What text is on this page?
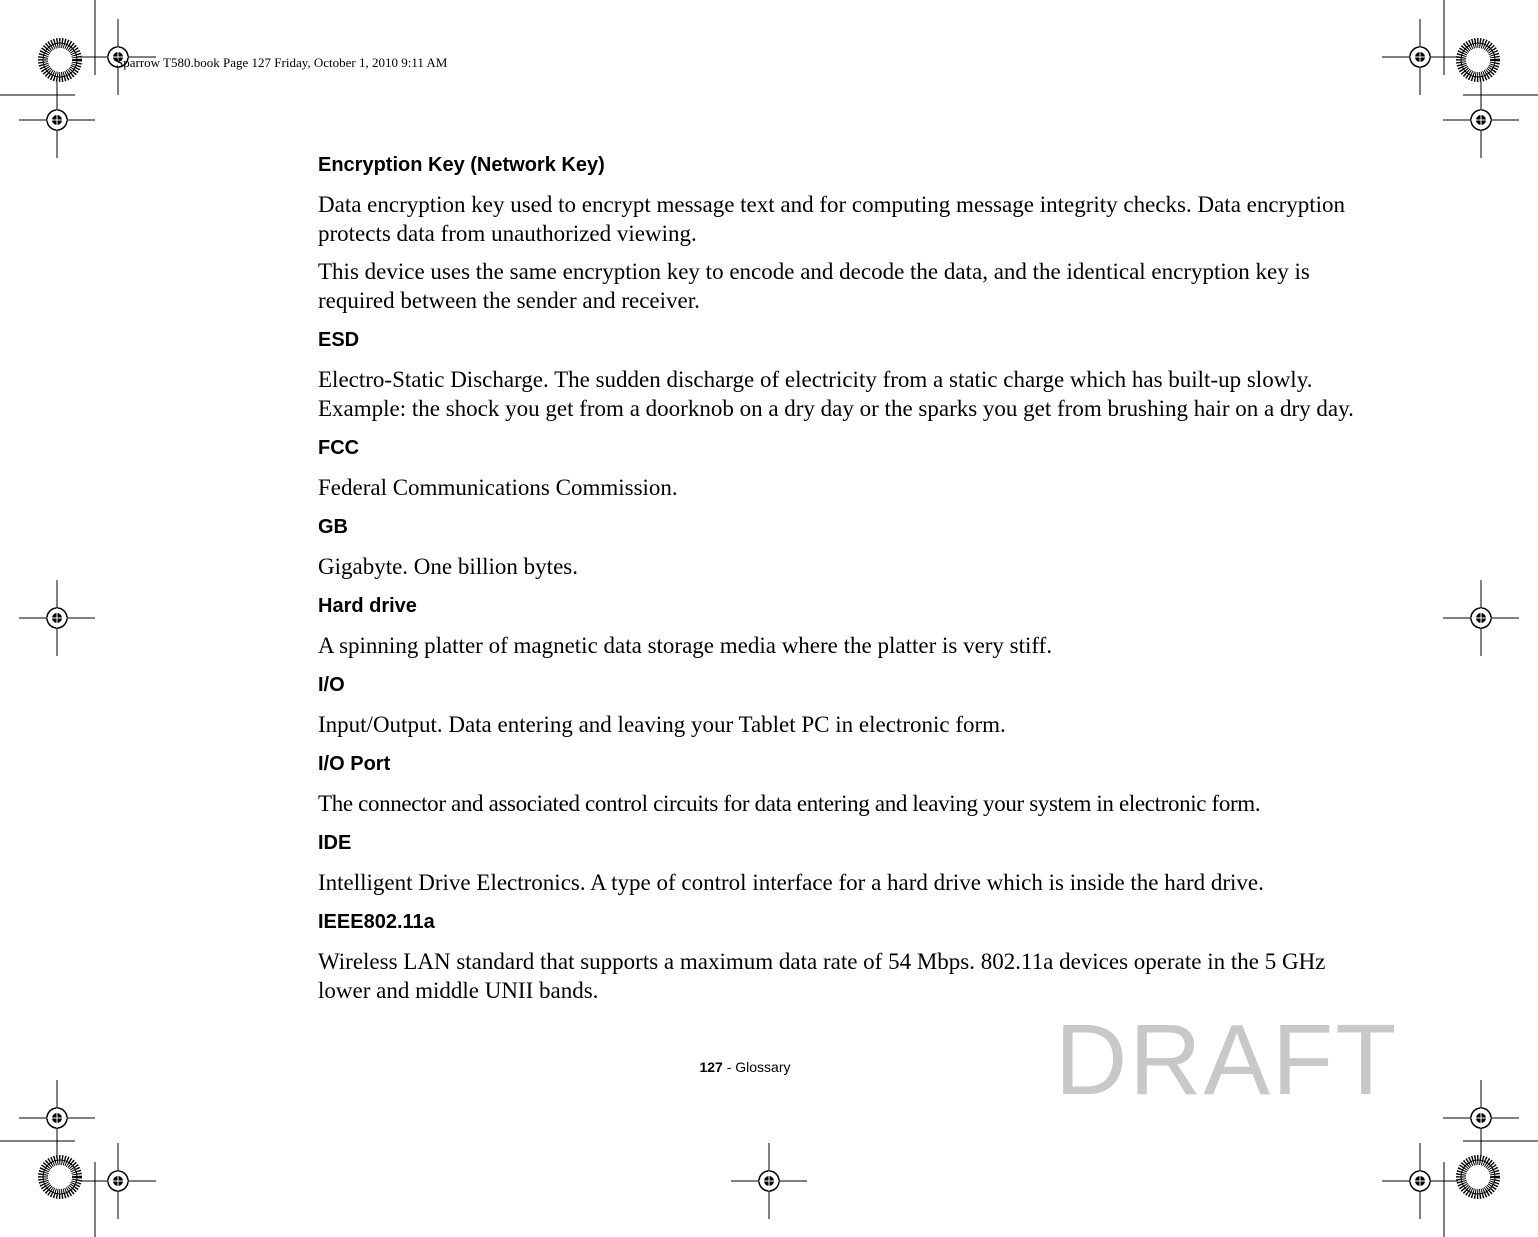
Sparrow T580.book Page 127 Friday, October 1, 2010 9:11 AM
Encryption Key (Network Key)

Data encryption key used to encrypt message text and for computing message integrity checks. Data encryption protects data from unauthorized viewing.

This device uses the same encryption key to encode and decode the data, and the identical encryption key is required between the sender and receiver.

ESD

Electro-Static Discharge. The sudden discharge of electricity from a static charge which has built-up slowly. Example: the shock you get from a doorknob on a dry day or the sparks you get from brushing hair on a dry day.

FCC

Federal Communications Commission.

GB

Gigabyte. One billion bytes.

Hard drive

A spinning platter of magnetic data storage media where the platter is very stiff.

I/O

Input/Output. Data entering and leaving your Tablet PC in electronic form.

I/O Port

The connector and associated control circuits for data entering and leaving your system in electronic form.

IDE

Intelligent Drive Electronics. A type of control interface for a hard drive which is inside the hard drive.

IEEE802.11a

Wireless LAN standard that supports a maximum data rate of 54 Mbps. 802.11a devices operate in the 5 GHz lower and middle UNII bands.

127 - Glossary	DRAFT
